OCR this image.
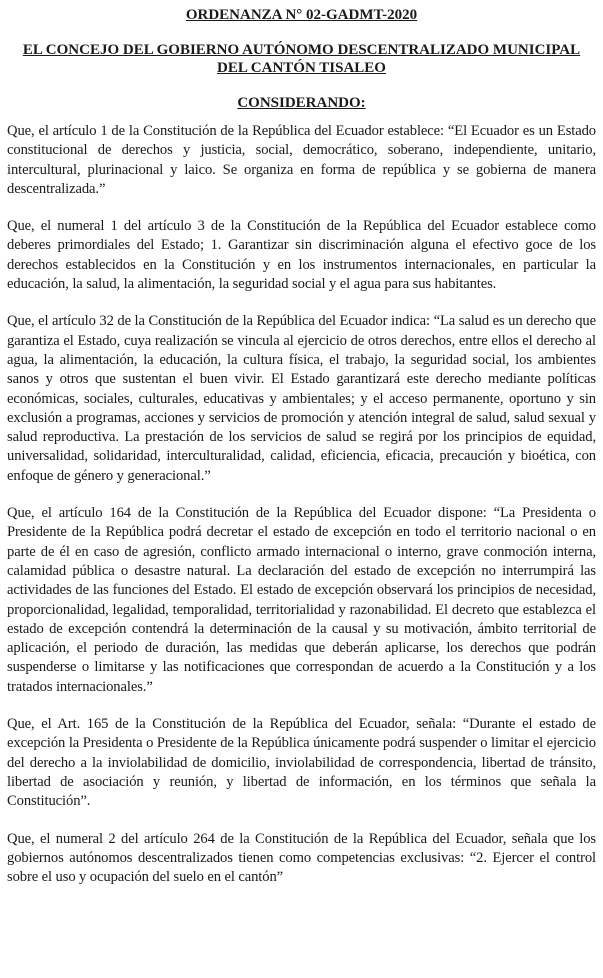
ORDENANZA N° 02-GADMT-2020

EL CONCEJO DEL GOBIERNO AUTÓNOMO DESCENTRALIZADO MUNICIPAL DEL CANTÓN TISALEO

CONSIDERANDO:

Que, el artículo 1 de la Constitución de la República del Ecuador establece: “El Ecuador es un Estado constitucional de derechos y justicia, social, democrático, soberano, independiente, unitario, intercultural, plurinacional y laico. Se organiza en forma de república y se gobierna de manera descentralizada.”

Que, el numeral 1 del artículo 3 de la Constitución de la República del Ecuador establece como deberes primordiales del Estado; 1. Garantizar sin discriminación alguna el efectivo goce de los derechos establecidos en la Constitución y en los instrumentos internacionales, en particular la educación, la salud, la alimentación, la seguridad social y el agua para sus habitantes.

Que, el artículo 32 de la Constitución de la República del Ecuador indica: “La salud es un derecho que garantiza el Estado, cuya realización se vincula al ejercicio de otros derechos, entre ellos el derecho al agua, la alimentación, la educación, la cultura física, el trabajo, la seguridad social, los ambientes sanos y otros que sustentan el buen vivir. El Estado garantizará este derecho mediante políticas económicas, sociales, culturales, educativas y ambientales; y el acceso permanente, oportuno y sin exclusión a programas, acciones y servicios de promoción y atención integral de salud, salud sexual y salud reproductiva. La prestación de los servicios de salud se regirá por los principios de equidad, universalidad, solidaridad, interculturalidad, calidad, eficiencia, eficacia, precaución y bioética, con enfoque de género y generacional.”

Que, el artículo 164 de la Constitución de la República del Ecuador dispone: “La Presidenta o Presidente de la República podrá decretar el estado de excepción en todo el territorio nacional o en parte de él en caso de agresión, conflicto armado internacional o interno, grave conmoción interna, calamidad pública o desastre natural. La declaración del estado de excepción no interrumpirá las actividades de las funciones del Estado. El estado de excepción observará los principios de necesidad, proporcionalidad, legalidad, temporalidad, territorialidad y razonabilidad. El decreto que establezca el estado de excepción contendrá la determinación de la causal y su motivación, ámbito territorial de aplicación, el periodo de duración, las medidas que deberán aplicarse, los derechos que podrán suspenderse o limitarse y las notificaciones que correspondan de acuerdo a la Constitución y a los tratados internacionales.”

Que, el Art. 165 de la Constitución de la República del Ecuador, señala: “Durante el estado de excepción la Presidenta o Presidente de la República únicamente podrá suspender o limitar el ejercicio del derecho a la inviolabilidad de domicilio, inviolabilidad de correspondencia, libertad de tránsito, libertad de asociación y reunión, y libertad de información, en los términos que señala la Constitución”.

Que, el numeral 2 del artículo 264 de la Constitución de la República del Ecuador, señala que los gobiernos autónomos descentralizados tienen como competencias exclusivas: “2. Ejercer el control sobre el uso y ocupación del suelo en el cantón”
